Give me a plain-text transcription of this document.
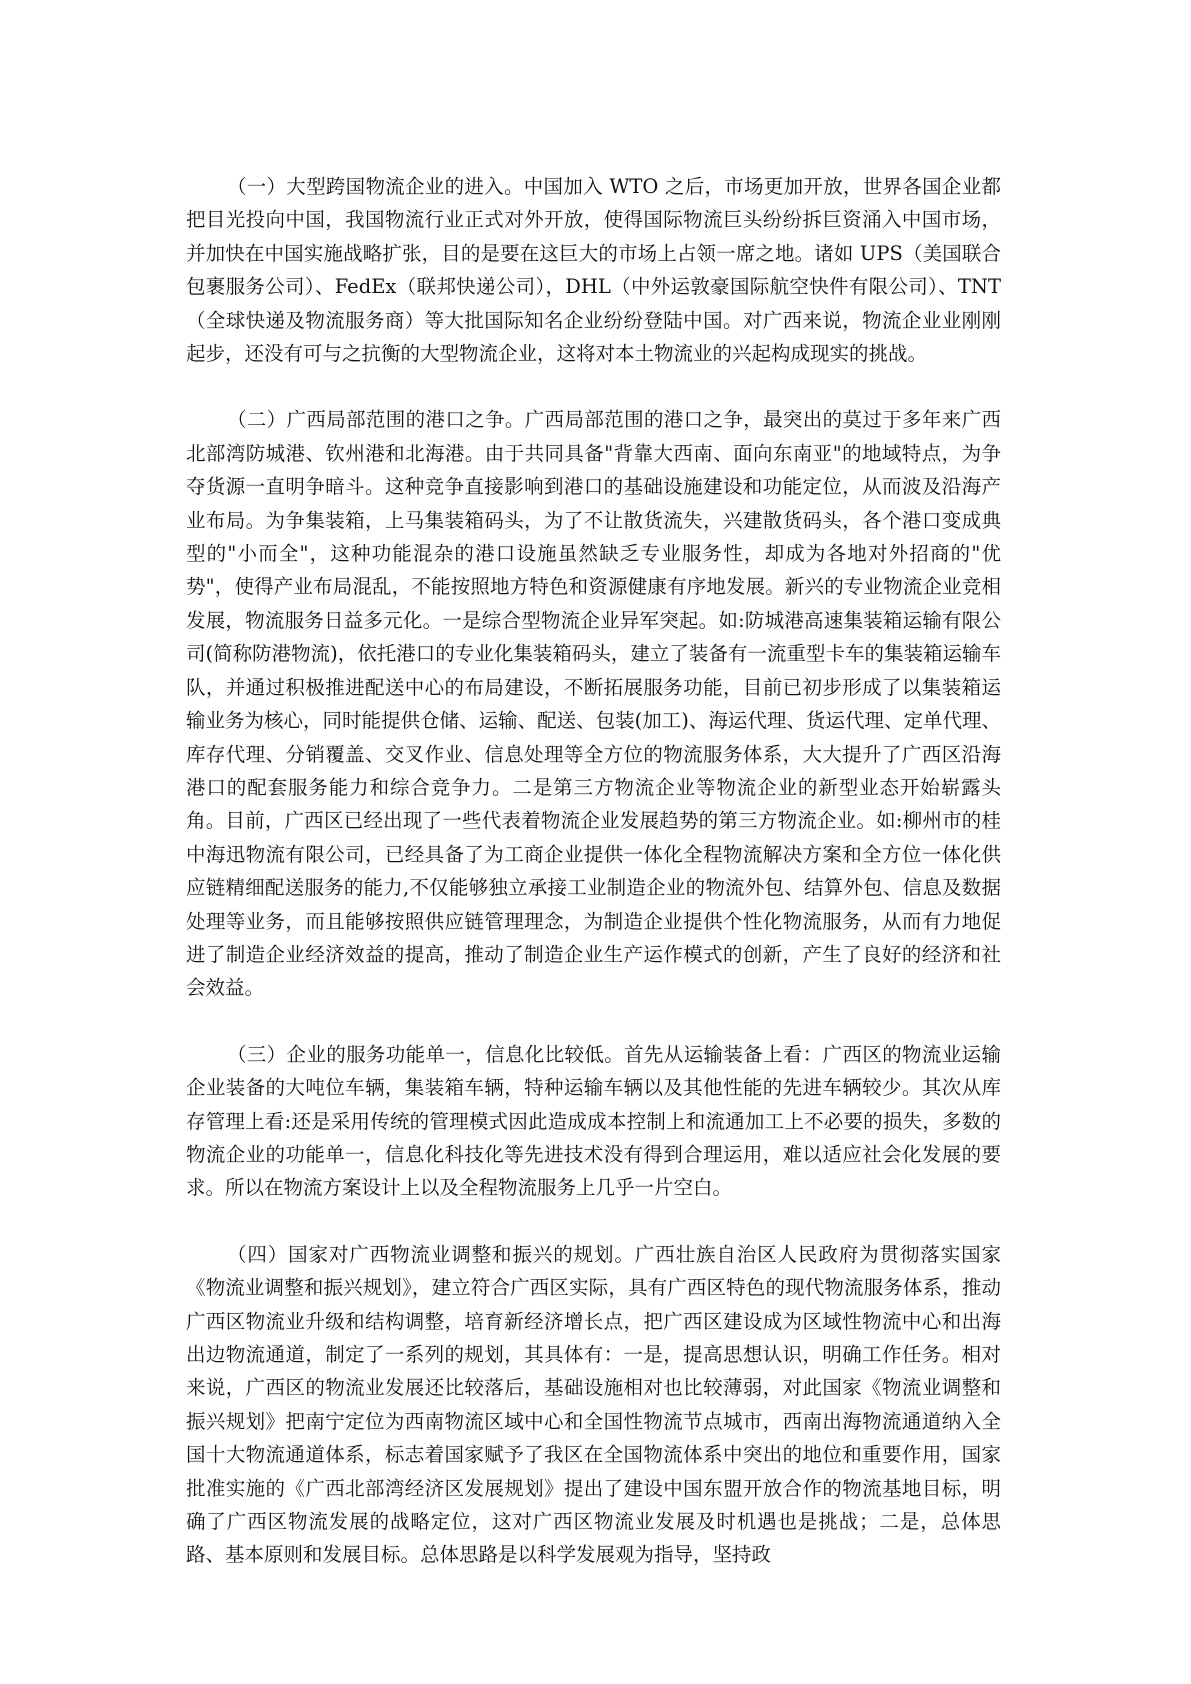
（一）大型跨国物流企业的进入。中国加入 WTO 之后，市场更加开放，世界各国企业都把目光投向中国，我国物流行业正式对外开放，使得国际物流巨头纷纷拆巨资涌入中国市场，并加快在中国实施战略扩张，目的是要在这巨大的市场上占领一席之地。诸如 UPS（美国联合包裹服务公司）、FedEx（联邦快递公司），DHL（中外运敦豪国际航空快件有限公司）、TNT（全球快递及物流服务商）等大批国际知名企业纷纷登陆中国。对广西来说，物流企业业刚刚起步，还没有可与之抗衡的大型物流企业，这将对本土物流业的兴起构成现实的挑战。

（二）广西局部范围的港口之争。广西局部范围的港口之争，最突出的莫过于多年来广西北部湾防城港、钦州港和北海港。由于共同具备"背靠大西南、面向东南亚"的地域特点，为争夺货源一直明争暗斗。这种竞争直接影响到港口的基础设施建设和功能定位，从而波及沿海产业布局。为争集装箱，上马集装箱码头，为了不让散货流失，兴建散货码头，各个港口变成典型的"小而全"，这种功能混杂的港口设施虽然缺乏专业服务性，却成为各地对外招商的"优势"，使得产业布局混乱，不能按照地方特色和资源健康有序地发展。新兴的专业物流企业竞相发展，物流服务日益多元化。一是综合型物流企业异军突起。如:防城港高速集装箱运输有限公司(简称防港物流)，依托港口的专业化集装箱码头，建立了装备有一流重型卡车的集装箱运输车队，并通过积极推进配送中心的布局建设，不断拓展服务功能，目前已初步形成了以集装箱运输业务为核心，同时能提供仓储、运输、配送、包装(加工)、海运代理、货运代理、定单代理、库存代理、分销覆盖、交叉作业、信息处理等全方位的物流服务体系，大大提升了广西区沿海港口的配套服务能力和综合竞争力。二是第三方物流企业等物流企业的新型业态开始崭露头角。目前，广西区已经出现了一些代表着物流企业发展趋势的第三方物流企业。如:柳州市的桂中海迅物流有限公司，已经具备了为工商企业提供一体化全程物流解决方案和全方位一体化供应链精细配送服务的能力,不仅能够独立承接工业制造企业的物流外包、结算外包、信息及数据处理等业务，而且能够按照供应链管理理念，为制造企业提供个性化物流服务，从而有力地促进了制造企业经济效益的提高，推动了制造企业生产运作模式的创新，产生了良好的经济和社会效益。

（三）企业的服务功能单一，信息化比较低。首先从运输装备上看：广西区的物流业运输企业装备的大吨位车辆，集装箱车辆，特种运输车辆以及其他性能的先进车辆较少。其次从库存管理上看:还是采用传统的管理模式因此造成成本控制上和流通加工上不必要的损失，多数的物流企业的功能单一，信息化科技化等先进技术没有得到合理运用，难以适应社会化发展的要求。所以在物流方案设计上以及全程物流服务上几乎一片空白。

（四）国家对广西物流业调整和振兴的规划。广西壮族自治区人民政府为贯彻落实国家《物流业调整和振兴规划》，建立符合广西区实际，具有广西区特色的现代物流服务体系，推动广西区物流业升级和结构调整，培育新经济增长点，把广西区建设成为区域性物流中心和出海出边物流通道，制定了一系列的规划，其具体有：一是，提高思想认识，明确工作任务。相对来说，广西区的物流业发展还比较落后，基础设施相对也比较薄弱，对此国家《物流业调整和振兴规划》把南宁定位为西南物流区域中心和全国性物流节点城市，西南出海物流通道纳入全国十大物流通道体系，标志着国家赋予了我区在全国物流体系中突出的地位和重要作用，国家批准实施的《广西北部湾经济区发展规划》提出了建设中国东盟开放合作的物流基地目标，明确了广西区物流发展的战略定位，这对广西区物流业发展及时机遇也是挑战；二是，总体思路、基本原则和发展目标。总体思路是以科学发展观为指导，坚持政
